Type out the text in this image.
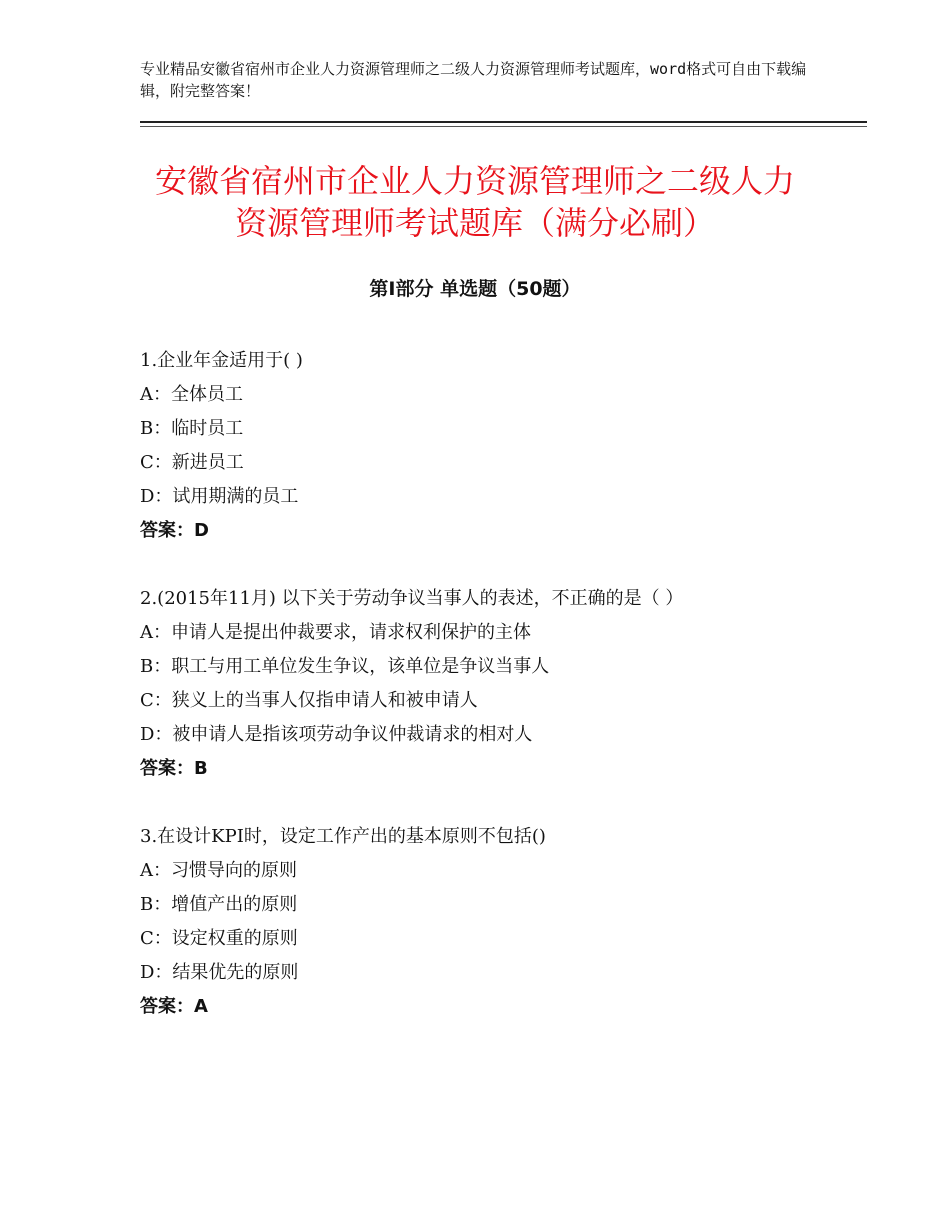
专业精品安徽省宿州市企业人力资源管理师之二级人力资源管理师考试题库，word格式可自由下载编辑，附完整答案！
安徽省宿州市企业人力资源管理师之二级人力资源管理师考试题库（满分必刷）
第Ⅰ部分 单选题（50题）
1.企业年金适用于( )
A：全体员工
B：临时员工
C：新进员工
D：试用期满的员工
答案：D
2.(2015年11月) 以下关于劳动争议当事人的表述，不正确的是（ ）
A：申请人是提出仲裁要求，请求权利保护的主体
B：职工与用工单位发生争议，该单位是争议当事人
C：狭义上的当事人仅指申请人和被申请人
D：被申请人是指该项劳动争议仲裁请求的相对人
答案：B
3.在设计KPI时，设定工作产出的基本原则不包括()
A：习惯导向的原则
B：增值产出的原则
C：设定权重的原则
D：结果优先的原则
答案：A
